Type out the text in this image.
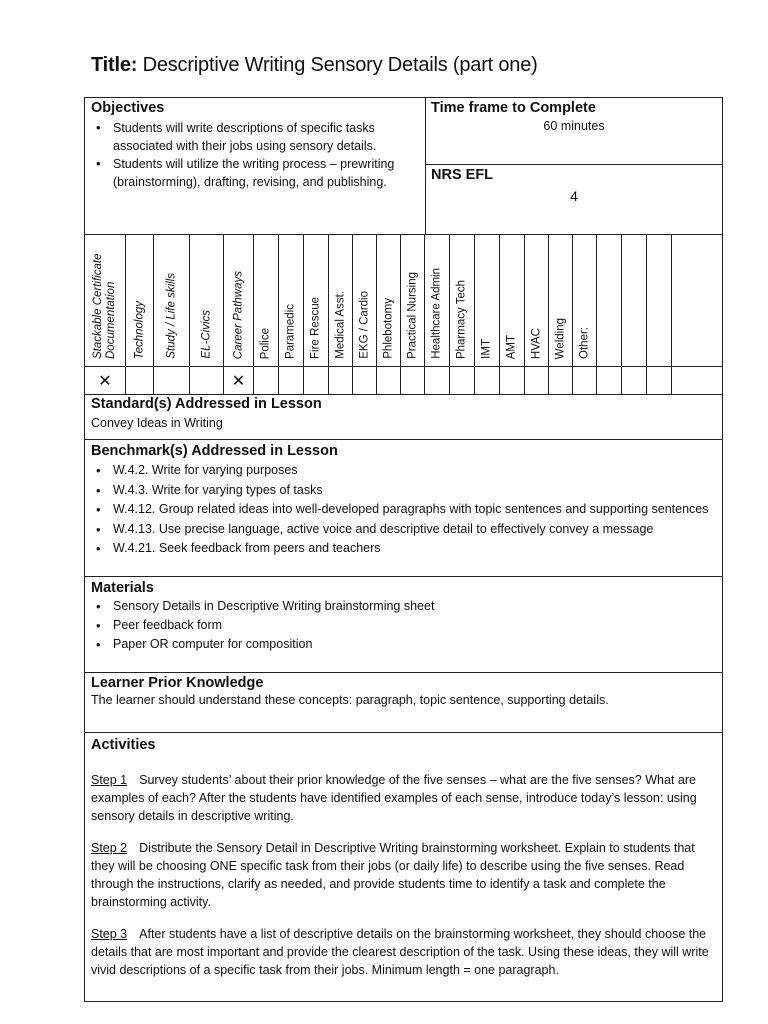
Title: Descriptive Writing Sensory Details (part one)
Objectives
• Students will write descriptions of specific tasks associated with their jobs using sensory details.
• Students will utilize the writing process – prewriting (brainstorming), drafting, revising, and publishing.
Time frame to Complete
60 minutes
NRS EFL
4
Stackable Certificate Documentation Technology Study / Life skills EL-Civics Career Pathways Police Paramedic Fire Rescue Medical Asst. EKG / Cardio Phlebotomy Practical Nursing Healthcare Admin Pharmacy Tech IMT AMT HVAC Welding Other:
✕	✕
Standard(s) Addressed in Lesson
Convey Ideas in Writing
Benchmark(s) Addressed in Lesson
• W.4.2. Write for varying purposes
• W.4.3. Write for varying types of tasks
• W.4.12. Group related ideas into well-developed paragraphs with topic sentences and supporting sentences
• W.4.13. Use precise language, active voice and descriptive detail to effectively convey a message
• W.4.21. Seek feedback from peers and teachers
Materials
• Sensory Details in Descriptive Writing brainstorming sheet
• Peer feedback form
• Paper OR computer for composition
Learner Prior Knowledge
The learner should understand these concepts: paragraph, topic sentence, supporting details.
Activities
Step 1 Survey students’ about their prior knowledge of the five senses – what are the five senses? What are examples of each? After the students have identified examples of each sense, introduce today’s lesson: using sensory details in descriptive writing.
Step 2 Distribute the Sensory Detail in Descriptive Writing brainstorming worksheet. Explain to students that they will be choosing ONE specific task from their jobs (or daily life) to describe using the five senses. Read through the instructions, clarify as needed, and provide students time to identify a task and complete the brainstorming activity.
Step 3 After students have a list of descriptive details on the brainstorming worksheet, they should choose the details that are most important and provide the clearest description of the task. Using these ideas, they will write vivid descriptions of a specific task from their jobs. Minimum length = one paragraph.
